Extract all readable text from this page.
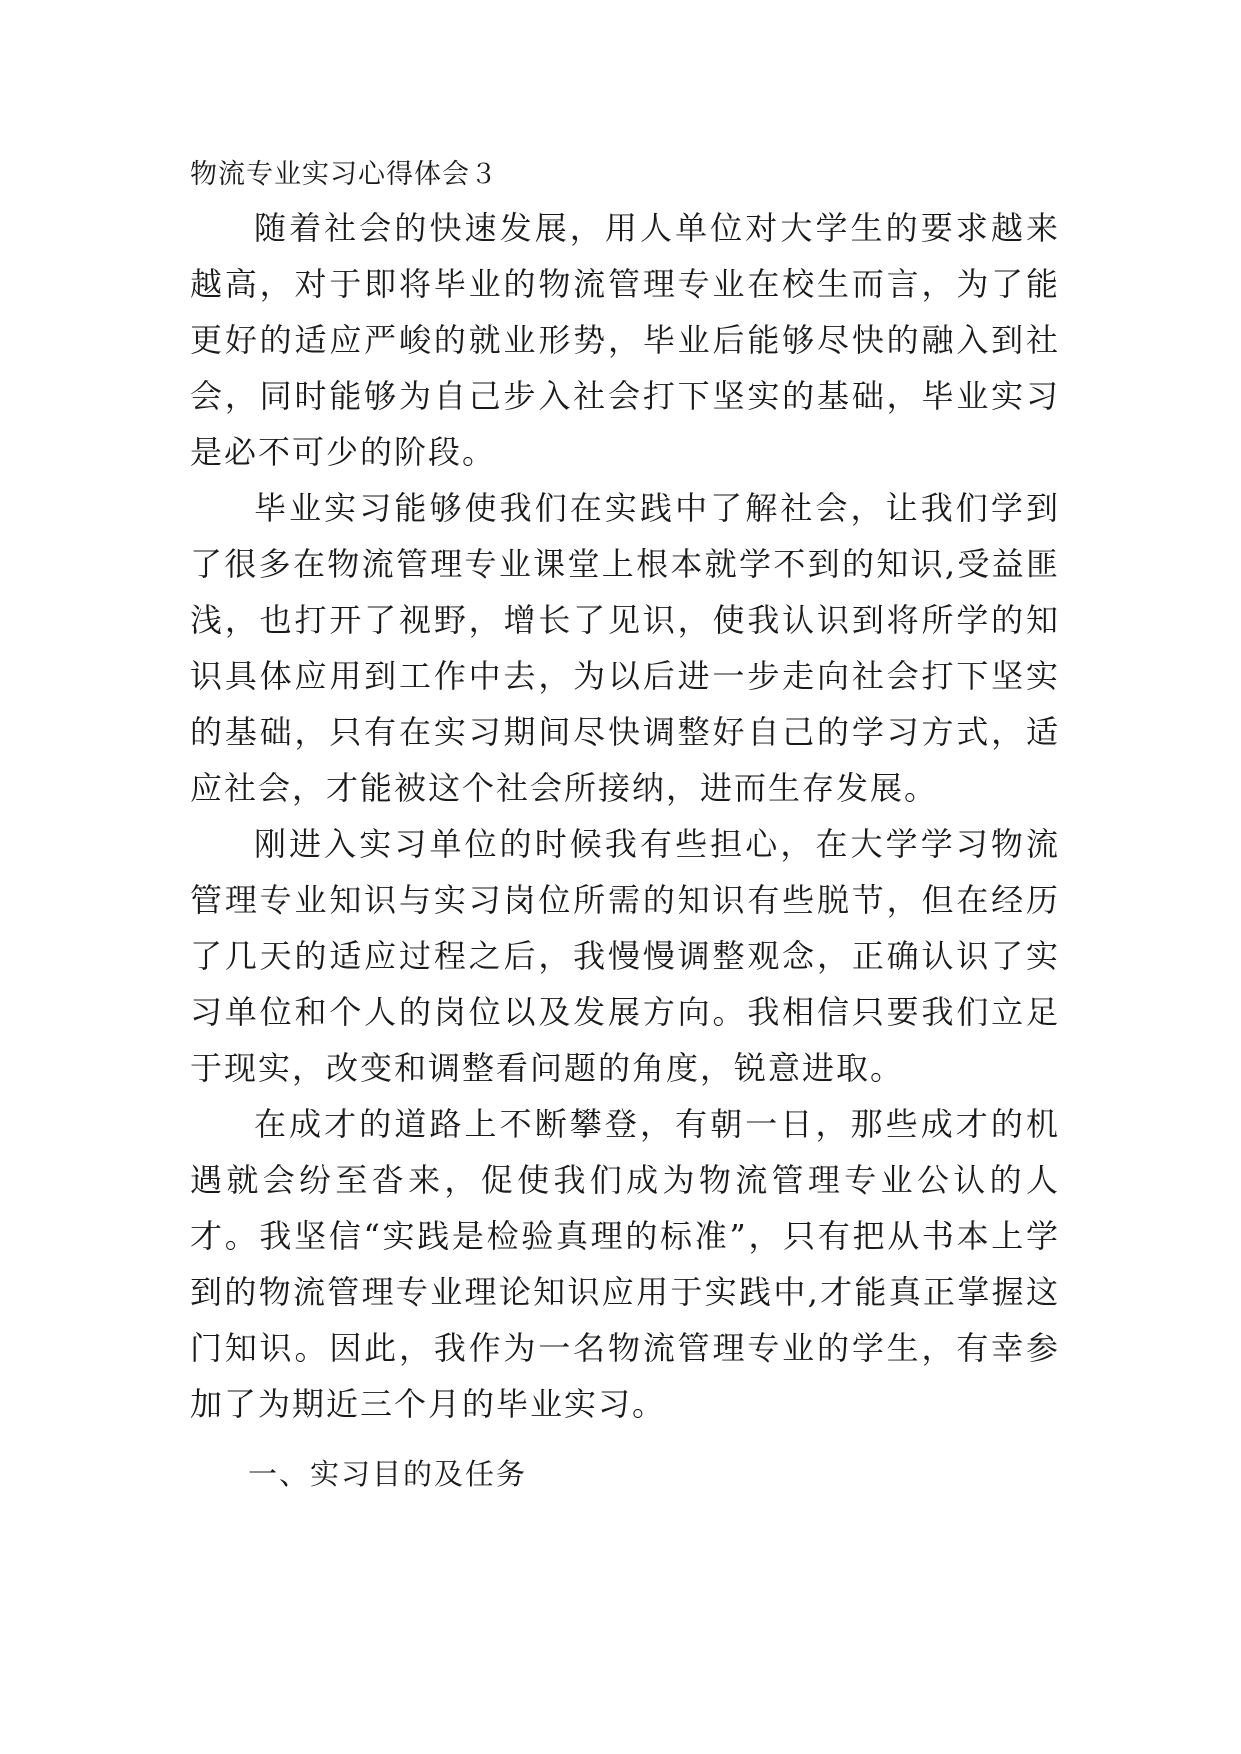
物流专业实习心得体会３

随着社会的快速发展，用人单位对大学生的要求越来越高，对于即将毕业的物流管理专业在校生而言，为了能更好的适应严峻的就业形势，毕业后能够尽快的融入到社会，同时能够为自己步入社会打下坚实的基础，毕业实习是必不可少的阶段。

毕业实习能够使我们在实践中了解社会，让我们学到了很多在物流管理专业课堂上根本就学不到的知识,受益匪浅，也打开了视野，增长了见识，使我认识到将所学的知识具体应用到工作中去，为以后进一步走向社会打下坚实的基础，只有在实习期间尽快调整好自己的学习方式，适应社会，才能被这个社会所接纳，进而生存发展。

刚进入实习单位的时候我有些担心，在大学学习物流管理专业知识与实习岗位所需的知识有些脱节，但在经历了几天的适应过程之后，我慢慢调整观念，正确认识了实习单位和个人的岗位以及发展方向。我相信只要我们立足于现实，改变和调整看问题的角度，锐意进取。

在成才的道路上不断攀登，有朝一日，那些成才的机遇就会纷至沓来，促使我们成为物流管理专业公认的人才。我坚信“实践是检验真理的标准”，只有把从书本上学到的物流管理专业理论知识应用于实践中,才能真正掌握这门知识。因此，我作为一名物流管理专业的学生，有幸参加了为期近三个月的毕业实习。

一、实习目的及任务
